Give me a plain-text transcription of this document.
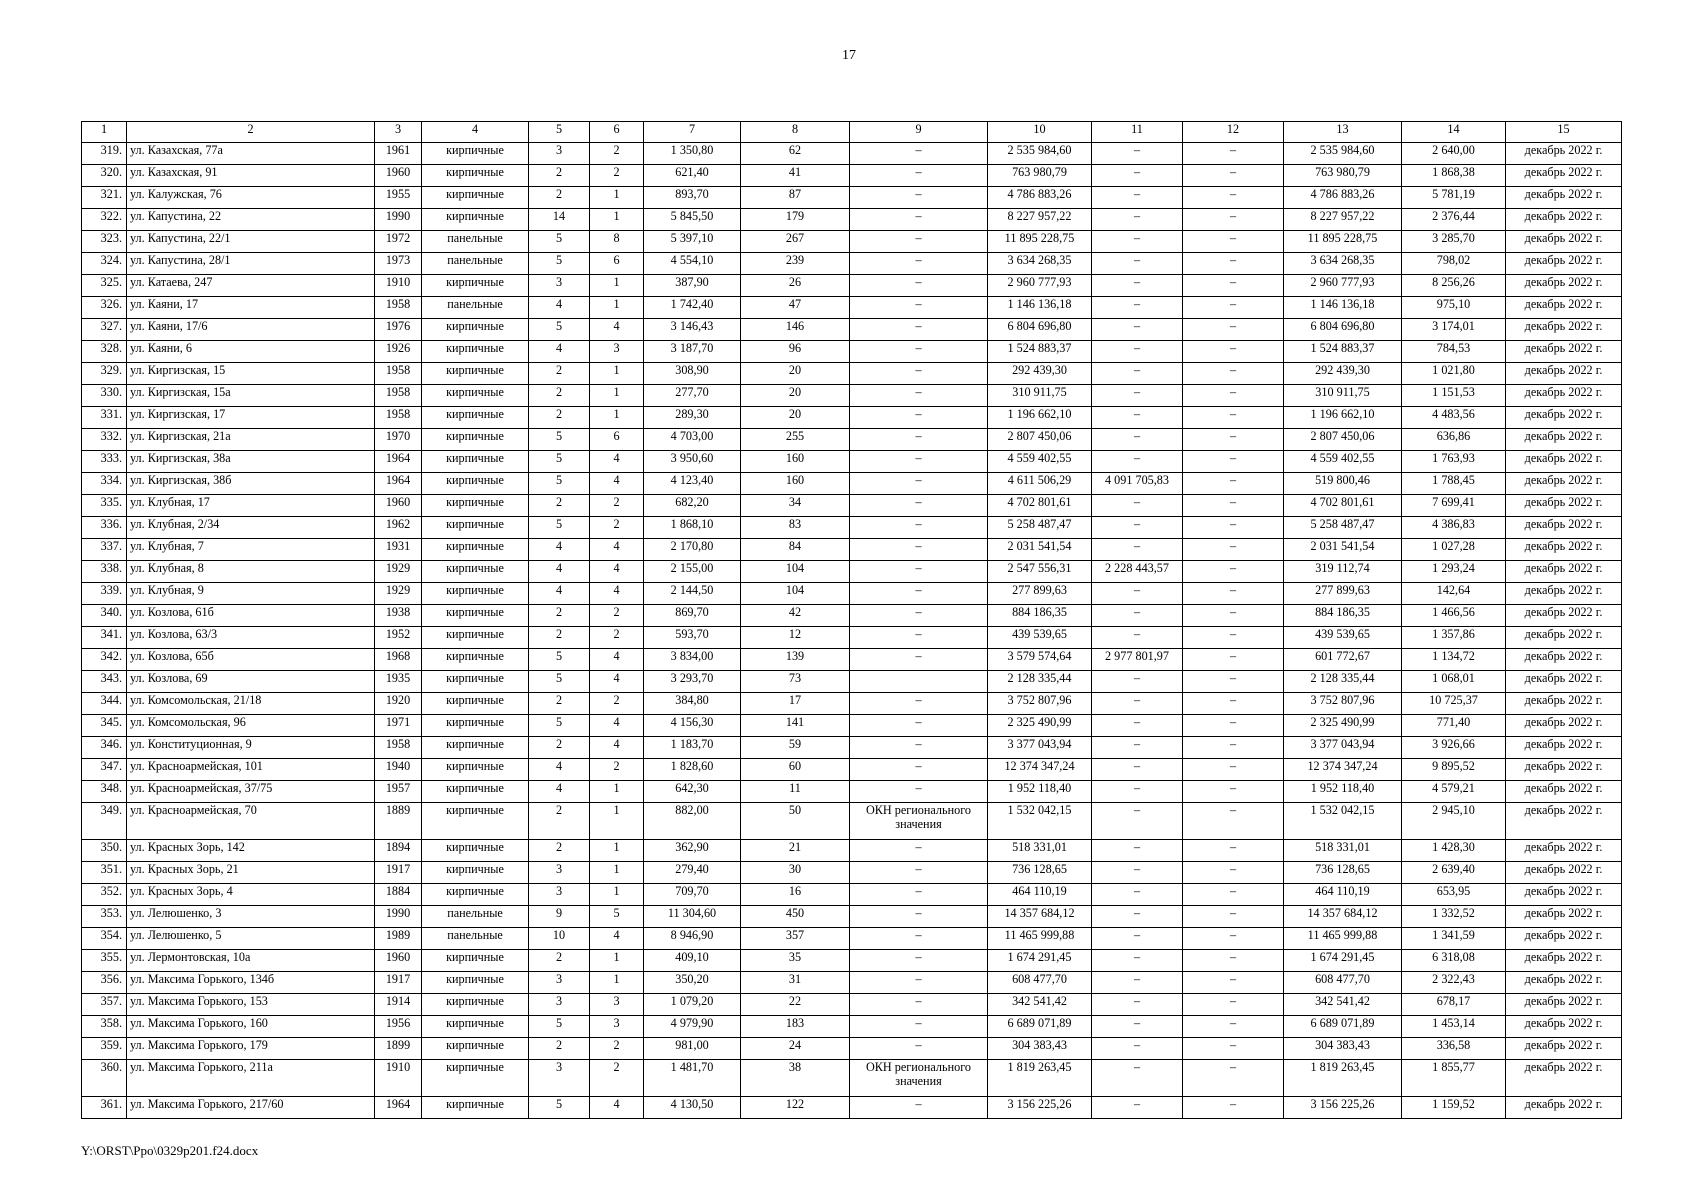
17
1	2	3	4	5	6	7	8	9	10	11	12	13	14	15
319.	ул. Казахская, 77а	1961	кирпичные	3	2	1 350,80	62	–	2 535 984,60	–	–	2 535 984,60	2 640,00	декабрь 2022 г.
320.	ул. Казахская, 91	1960	кирпичные	2	2	621,40	41	–	763 980,79	–	–	763 980,79	1 868,38	декабрь 2022 г.
321.	ул. Калужская, 76	1955	кирпичные	2	1	893,70	87	–	4 786 883,26	–	–	4 786 883,26	5 781,19	декабрь 2022 г.
322.	ул. Капустина, 22	1990	кирпичные	14	1	5 845,50	179	–	8 227 957,22	–	–	8 227 957,22	2 376,44	декабрь 2022 г.
323.	ул. Капустина, 22/1	1972	панельные	5	8	5 397,10	267	–	11 895 228,75	–	–	11 895 228,75	3 285,70	декабрь 2022 г.
324.	ул. Капустина, 28/1	1973	панельные	5	6	4 554,10	239	–	3 634 268,35	–	–	3 634 268,35	798,02	декабрь 2022 г.
325.	ул. Катаева, 247	1910	кирпичные	3	1	387,90	26	–	2 960 777,93	–	–	2 960 777,93	8 256,26	декабрь 2022 г.
326.	ул. Каяни, 17	1958	панельные	4	1	1 742,40	47	–	1 146 136,18	–	–	1 146 136,18	975,10	декабрь 2022 г.
327.	ул. Каяни, 17/6	1976	кирпичные	5	4	3 146,43	146	–	6 804 696,80	–	–	6 804 696,80	3 174,01	декабрь 2022 г.
328.	ул. Каяни, 6	1926	кирпичные	4	3	3 187,70	96	–	1 524 883,37	–	–	1 524 883,37	784,53	декабрь 2022 г.
329.	ул. Киргизская, 15	1958	кирпичные	2	1	308,90	20	–	292 439,30	–	–	292 439,30	1 021,80	декабрь 2022 г.
330.	ул. Киргизская, 15а	1958	кирпичные	2	1	277,70	20	–	310 911,75	–	–	310 911,75	1 151,53	декабрь 2022 г.
331.	ул. Киргизская, 17	1958	кирпичные	2	1	289,30	20	–	1 196 662,10	–	–	1 196 662,10	4 483,56	декабрь 2022 г.
332.	ул. Киргизская, 21а	1970	кирпичные	5	6	4 703,00	255	–	2 807 450,06	–	–	2 807 450,06	636,86	декабрь 2022 г.
333.	ул. Киргизская, 38а	1964	кирпичные	5	4	3 950,60	160	–	4 559 402,55	–	–	4 559 402,55	1 763,93	декабрь 2022 г.
334.	ул. Киргизская, 38б	1964	кирпичные	5	4	4 123,40	160	–	4 611 506,29	4 091 705,83	–	519 800,46	1 788,45	декабрь 2022 г.
335.	ул. Клубная, 17	1960	кирпичные	2	2	682,20	34	–	4 702 801,61	–	–	4 702 801,61	7 699,41	декабрь 2022 г.
336.	ул. Клубная, 2/34	1962	кирпичные	5	2	1 868,10	83	–	5 258 487,47	–	–	5 258 487,47	4 386,83	декабрь 2022 г.
337.	ул. Клубная, 7	1931	кирпичные	4	4	2 170,80	84	–	2 031 541,54	–	–	2 031 541,54	1 027,28	декабрь 2022 г.
338.	ул. Клубная, 8	1929	кирпичные	4	4	2 155,00	104	–	2 547 556,31	2 228 443,57	–	319 112,74	1 293,24	декабрь 2022 г.
339.	ул. Клубная, 9	1929	кирпичные	4	4	2 144,50	104	–	277 899,63	–	–	277 899,63	142,64	декабрь 2022 г.
340.	ул. Козлова, 61б	1938	кирпичные	2	2	869,70	42	–	884 186,35	–	–	884 186,35	1 466,56	декабрь 2022 г.
341.	ул. Козлова, 63/3	1952	кирпичные	2	2	593,70	12	–	439 539,65	–	–	439 539,65	1 357,86	декабрь 2022 г.
342.	ул. Козлова, 65б	1968	кирпичные	5	4	3 834,00	139	–	3 579 574,64	2 977 801,97	–	601 772,67	1 134,72	декабрь 2022 г.
343.	ул. Козлова, 69	1935	кирпичные	5	4	3 293,70	73		2 128 335,44	–	–	2 128 335,44	1 068,01	декабрь 2022 г.
344.	ул. Комсомольская, 21/18	1920	кирпичные	2	2	384,80	17	–	3 752 807,96	–	–	3 752 807,96	10 725,37	декабрь 2022 г.
345.	ул. Комсомольская, 96	1971	кирпичные	5	4	4 156,30	141	–	2 325 490,99	–	–	2 325 490,99	771,40	декабрь 2022 г.
346.	ул. Конституционная, 9	1958	кирпичные	2	4	1 183,70	59	–	3 377 043,94	–	–	3 377 043,94	3 926,66	декабрь 2022 г.
347.	ул. Красноармейская, 101	1940	кирпичные	4	2	1 828,60	60	–	12 374 347,24	–	–	12 374 347,24	9 895,52	декабрь 2022 г.
348.	ул. Красноармейская, 37/75	1957	кирпичные	4	1	642,30	11	–	1 952 118,40	–	–	1 952 118,40	4 579,21	декабрь 2022 г.
349.	ул. Красноармейская, 70	1889	кирпичные	2	1	882,00	50	ОКН регионального значения	1 532 042,15	–	–	1 532 042,15	2 945,10	декабрь 2022 г.
350.	ул. Красных Зорь, 142	1894	кирпичные	2	1	362,90	21	–	518 331,01	–	–	518 331,01	1 428,30	декабрь 2022 г.
351.	ул. Красных Зорь, 21	1917	кирпичные	3	1	279,40	30	–	736 128,65	–	–	736 128,65	2 639,40	декабрь 2022 г.
352.	ул. Красных Зорь, 4	1884	кирпичные	3	1	709,70	16	–	464 110,19	–	–	464 110,19	653,95	декабрь 2022 г.
353.	ул. Лелюшенко, 3	1990	панельные	9	5	11 304,60	450	–	14 357 684,12	–	–	14 357 684,12	1 332,52	декабрь 2022 г.
354.	ул. Лелюшенко, 5	1989	панельные	10	4	8 946,90	357	–	11 465 999,88	–	–	11 465 999,88	1 341,59	декабрь 2022 г.
355.	ул. Лермонтовская, 10а	1960	кирпичные	2	1	409,10	35	–	1 674 291,45	–	–	1 674 291,45	6 318,08	декабрь 2022 г.
356.	ул. Максима Горького, 134б	1917	кирпичные	3	1	350,20	31	–	608 477,70	–	–	608 477,70	2 322,43	декабрь 2022 г.
357.	ул. Максима Горького, 153	1914	кирпичные	3	3	1 079,20	22	–	342 541,42	–	–	342 541,42	678,17	декабрь 2022 г.
358.	ул. Максима Горького, 160	1956	кирпичные	5	3	4 979,90	183	–	6 689 071,89	–	–	6 689 071,89	1 453,14	декабрь 2022 г.
359.	ул. Максима Горького, 179	1899	кирпичные	2	2	981,00	24	–	304 383,43	–	–	304 383,43	336,58	декабрь 2022 г.
360.	ул. Максима Горького, 211а	1910	кирпичные	3	2	1 481,70	38	ОКН регионального значения	1 819 263,45	–	–	1 819 263,45	1 855,77	декабрь 2022 г.
361.	ул. Максима Горького, 217/60	1964	кирпичные	5	4	4 130,50	122	–	3 156 225,26	–	–	3 156 225,26	1 159,52	декабрь 2022 г.
Y:\ORST\Ppo\0329p201.f24.docx
